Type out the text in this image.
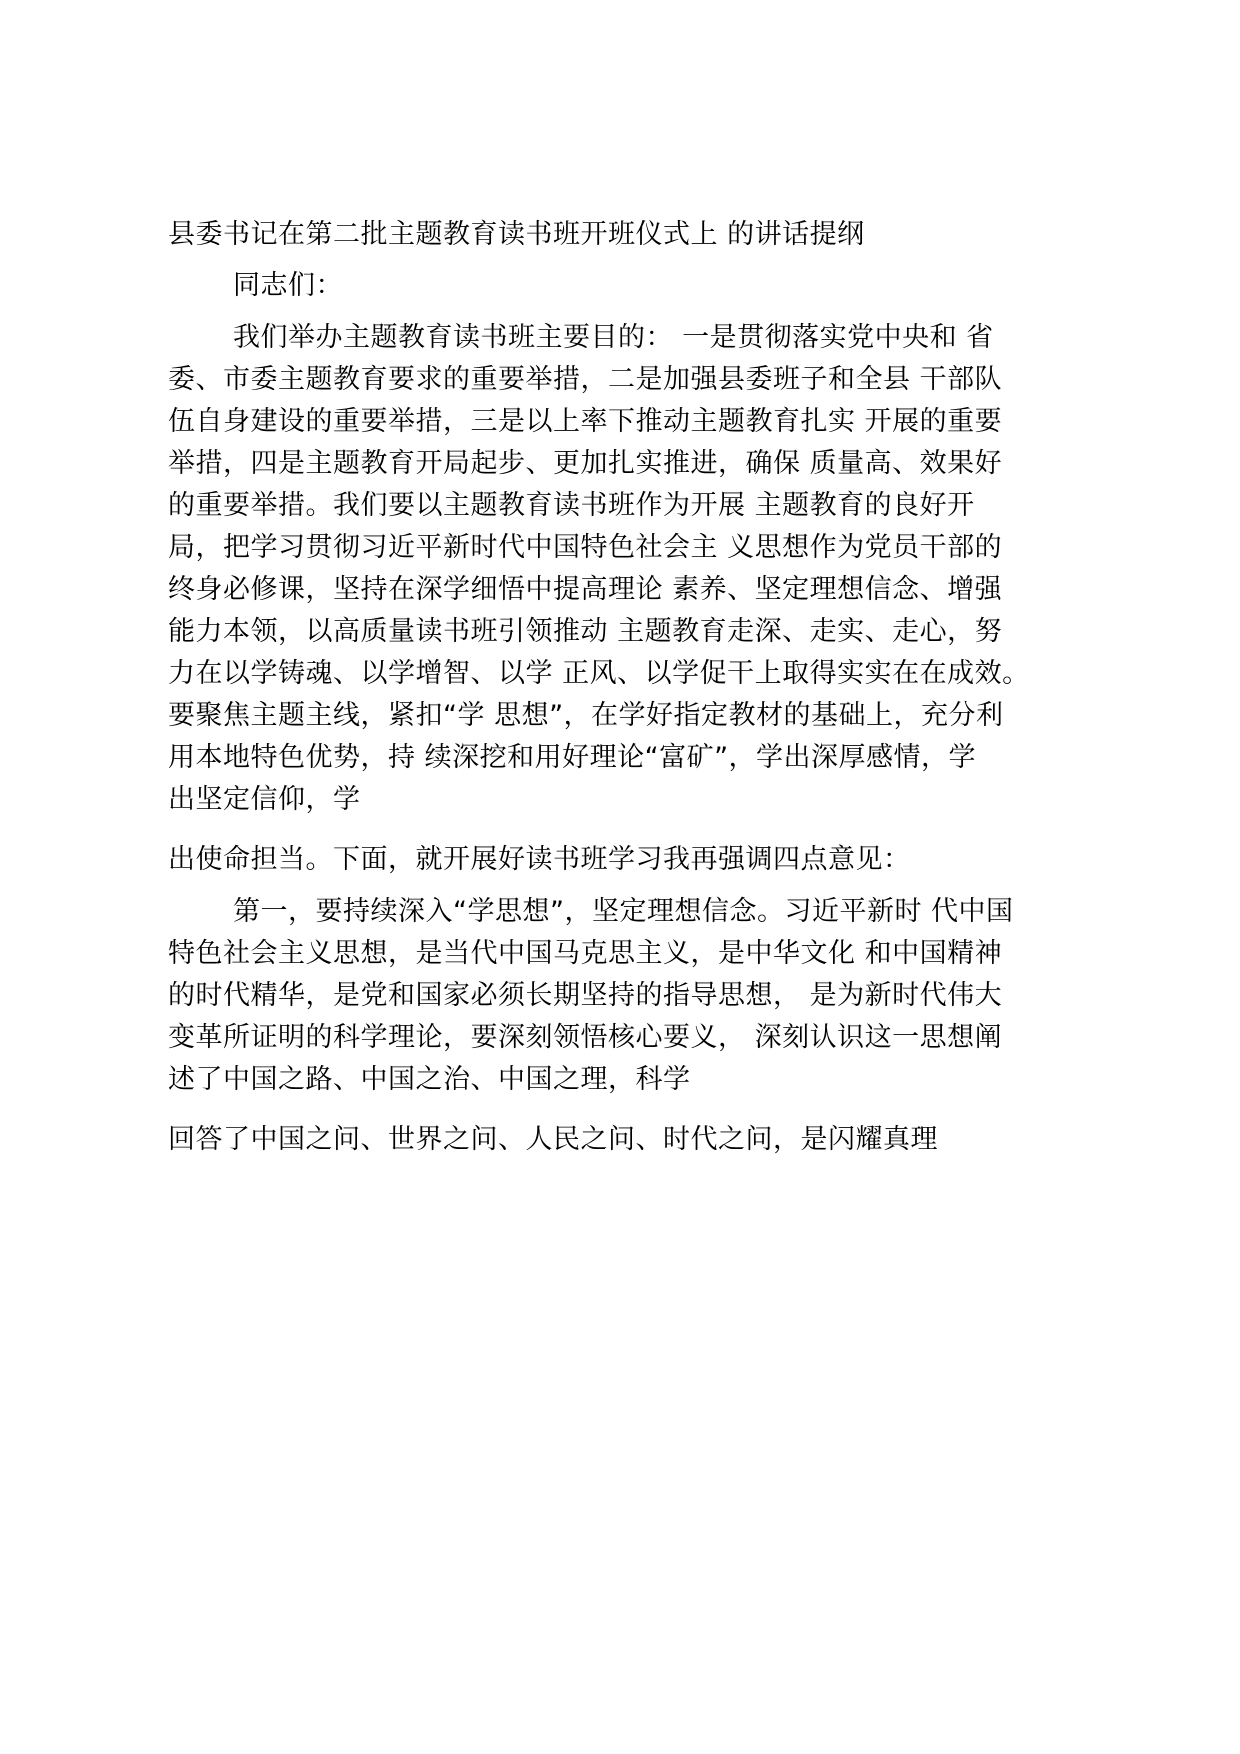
县委书记在第二批主题教育读书班开班仪式上 的讲话提纲
同志们：
我们举办主题教育读书班主要目的： 一是贯彻落实党中央和 省
委、市委主题教育要求的重要举措，二是加强县委班子和全县 干部队
伍自身建设的重要举措，三是以上率下推动主题教育扎实 开展的重要
举措，四是主题教育开局起步、更加扎实推进，确保 质量高、效果好
的重要举措。我们要以主题教育读书班作为开展 主题教育的良好开
局，把学习贯彻习近平新时代中国特色社会主 义思想作为党员干部的
终身必修课，坚持在深学细悟中提高理论 素养、坚定理想信念、增强
能力本领，以高质量读书班引领推动 主题教育走深、走实、走心，努
力在以学铸魂、以学增智、以学 正风、以学促干上取得实实在在成效。
要聚焦主题主线，紧扣“学 思想”，在学好指定教材的基础上，充分利
用本地特色优势，持 续深挖和用好理论“富矿”，学出深厚感情，学
出坚定信仰，学
出使命担当。下面，就开展好读书班学习我再强调四点意见：
第一，要持续深入“学思想”，坚定理想信念。习近平新时 代中国
特色社会主义思想，是当代中国马克思主义，是中华文化 和中国精神
的时代精华，是党和国家必须长期坚持的指导思想， 是为新时代伟大
变革所证明的科学理论，要深刻领悟核心要义， 深刻认识这一思想阐
述了中国之路、中国之治、中国之理，科学
回答了中国之问、世界之问、人民之问、时代之问，是闪耀真理
